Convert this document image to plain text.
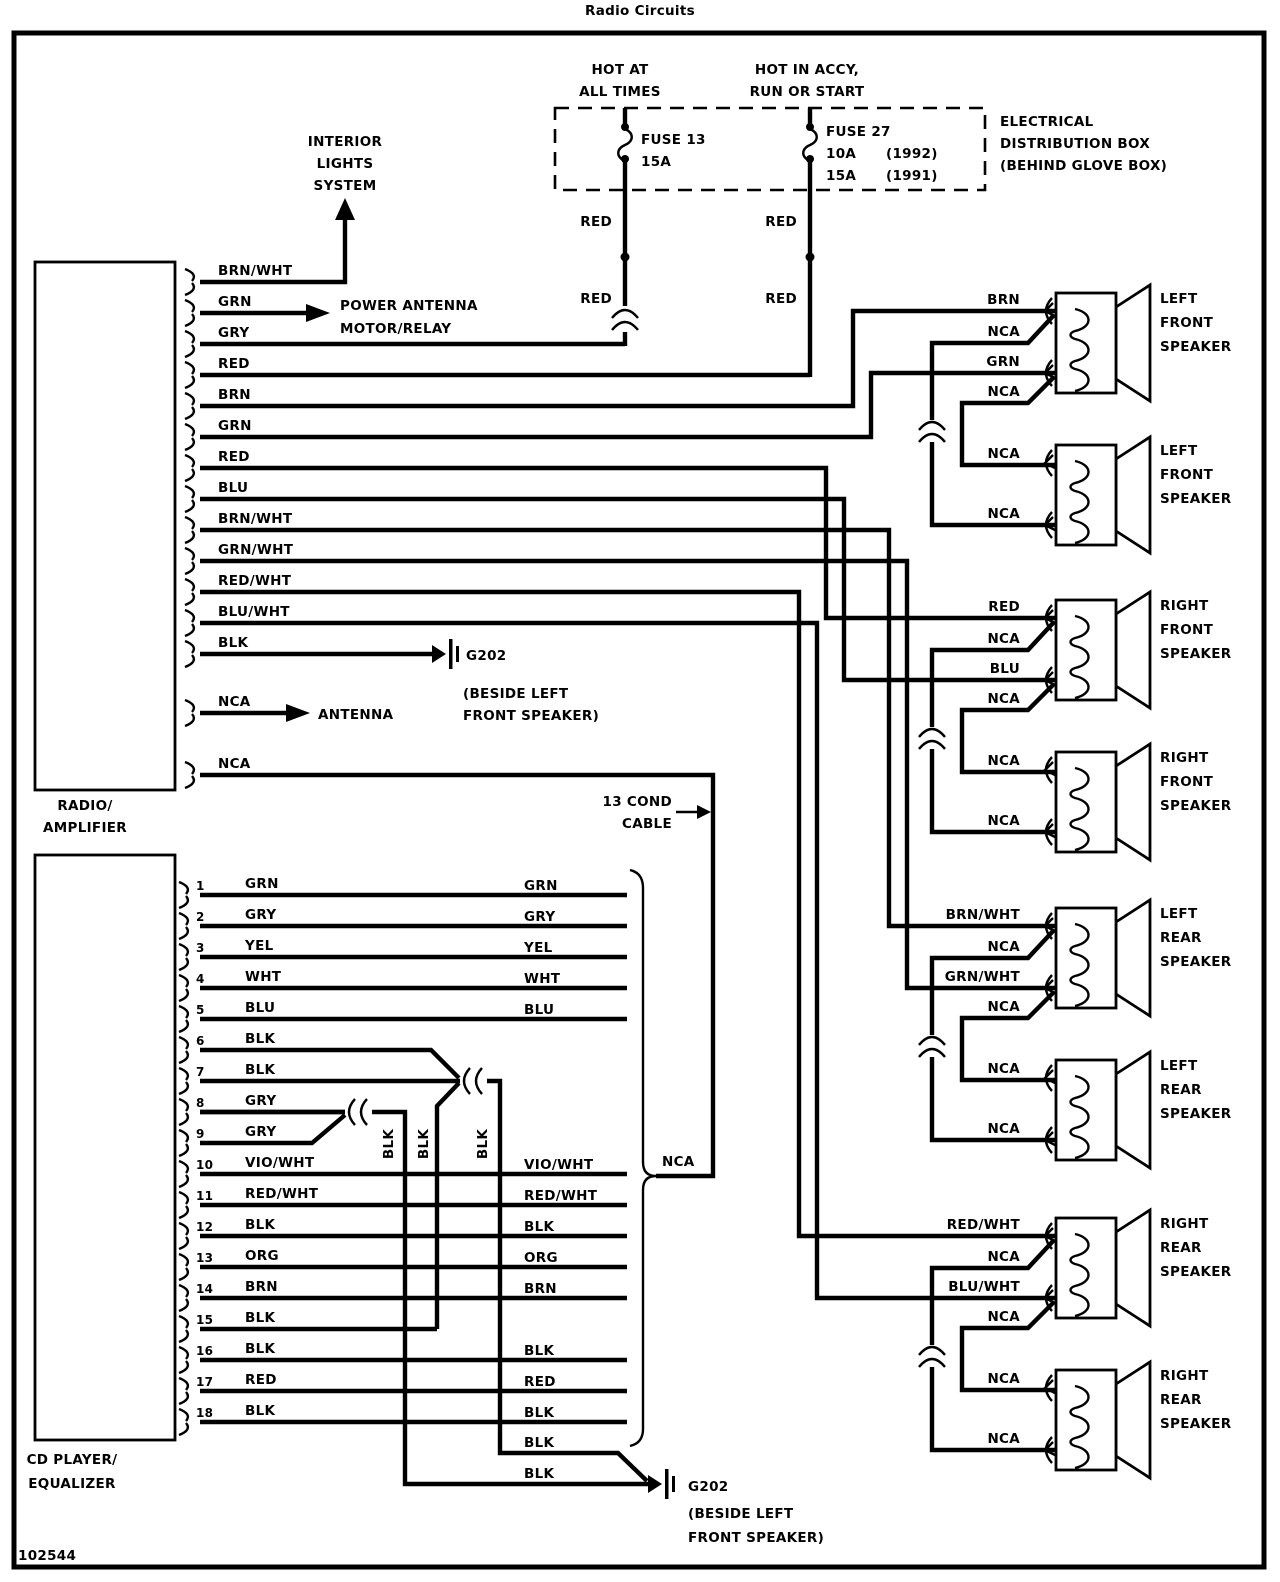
Radio Circuits
HOT AT
ALL TIMES
HOT IN ACCY,
RUN OR START
FUSE 13
15A
FUSE 27
10A (1992)
15A (1991)
ELECTRICAL
DISTRIBUTION BOX
(BEHIND GLOVE BOX)
RED
RED
RED
RED
INTERIOR
LIGHTS
SYSTEM
POWER ANTENNA
MOTOR/RELAY
ANTENNA
G202
(BESIDE LEFT
FRONT SPEAKER)
RADIO/
AMPLIFIER
13 COND
CABLE
NCA
CD PLAYER/
EQUALIZER	G202
(BESIDE LEFT
FRONT SPEAKER)
BLK
BLK
BLK BLK	BLK
102544
BRN/WHT
GRN
GRY
RED
BRN
GRN
RED
BLU
BRN/WHT
GRN/WHT
RED/WHT
BLU/WHT
BLK
NCA
NCA
1	GRN	GRN
2	GRY	GRY
3	YEL	YEL
4	WHT	WHT
5	BLU	BLU
6	BLK
7	BLK
8	GRY
9	GRY
10 VIO/WHT	VIO/WHT
11 RED/WHT	RED/WHT
12 BLK	BLK
13 ORG	ORG
14 BRN	BRN
15 BLK
16 BLK	BLK
17 RED	RED
18 BLK	BLK
BRN
NCA
GRN
NCA
NCA
NCA
LEFT
FRONT
SPEAKER
LEFT
FRONT
SPEAKER
RED
NCA
BLU
NCA
NCA
NCA
RIGHT
FRONT
SPEAKER
RIGHT
FRONT
SPEAKER
BRN/WHT
NCA
GRN/WHT
NCA
NCA
NCA
LEFT
REAR
SPEAKER
LEFT
REAR
SPEAKER
RED/WHT
NCA
BLU/WHT
NCA
NCA
NCA
RIGHT
REAR
SPEAKER
RIGHT
REAR
SPEAKER
